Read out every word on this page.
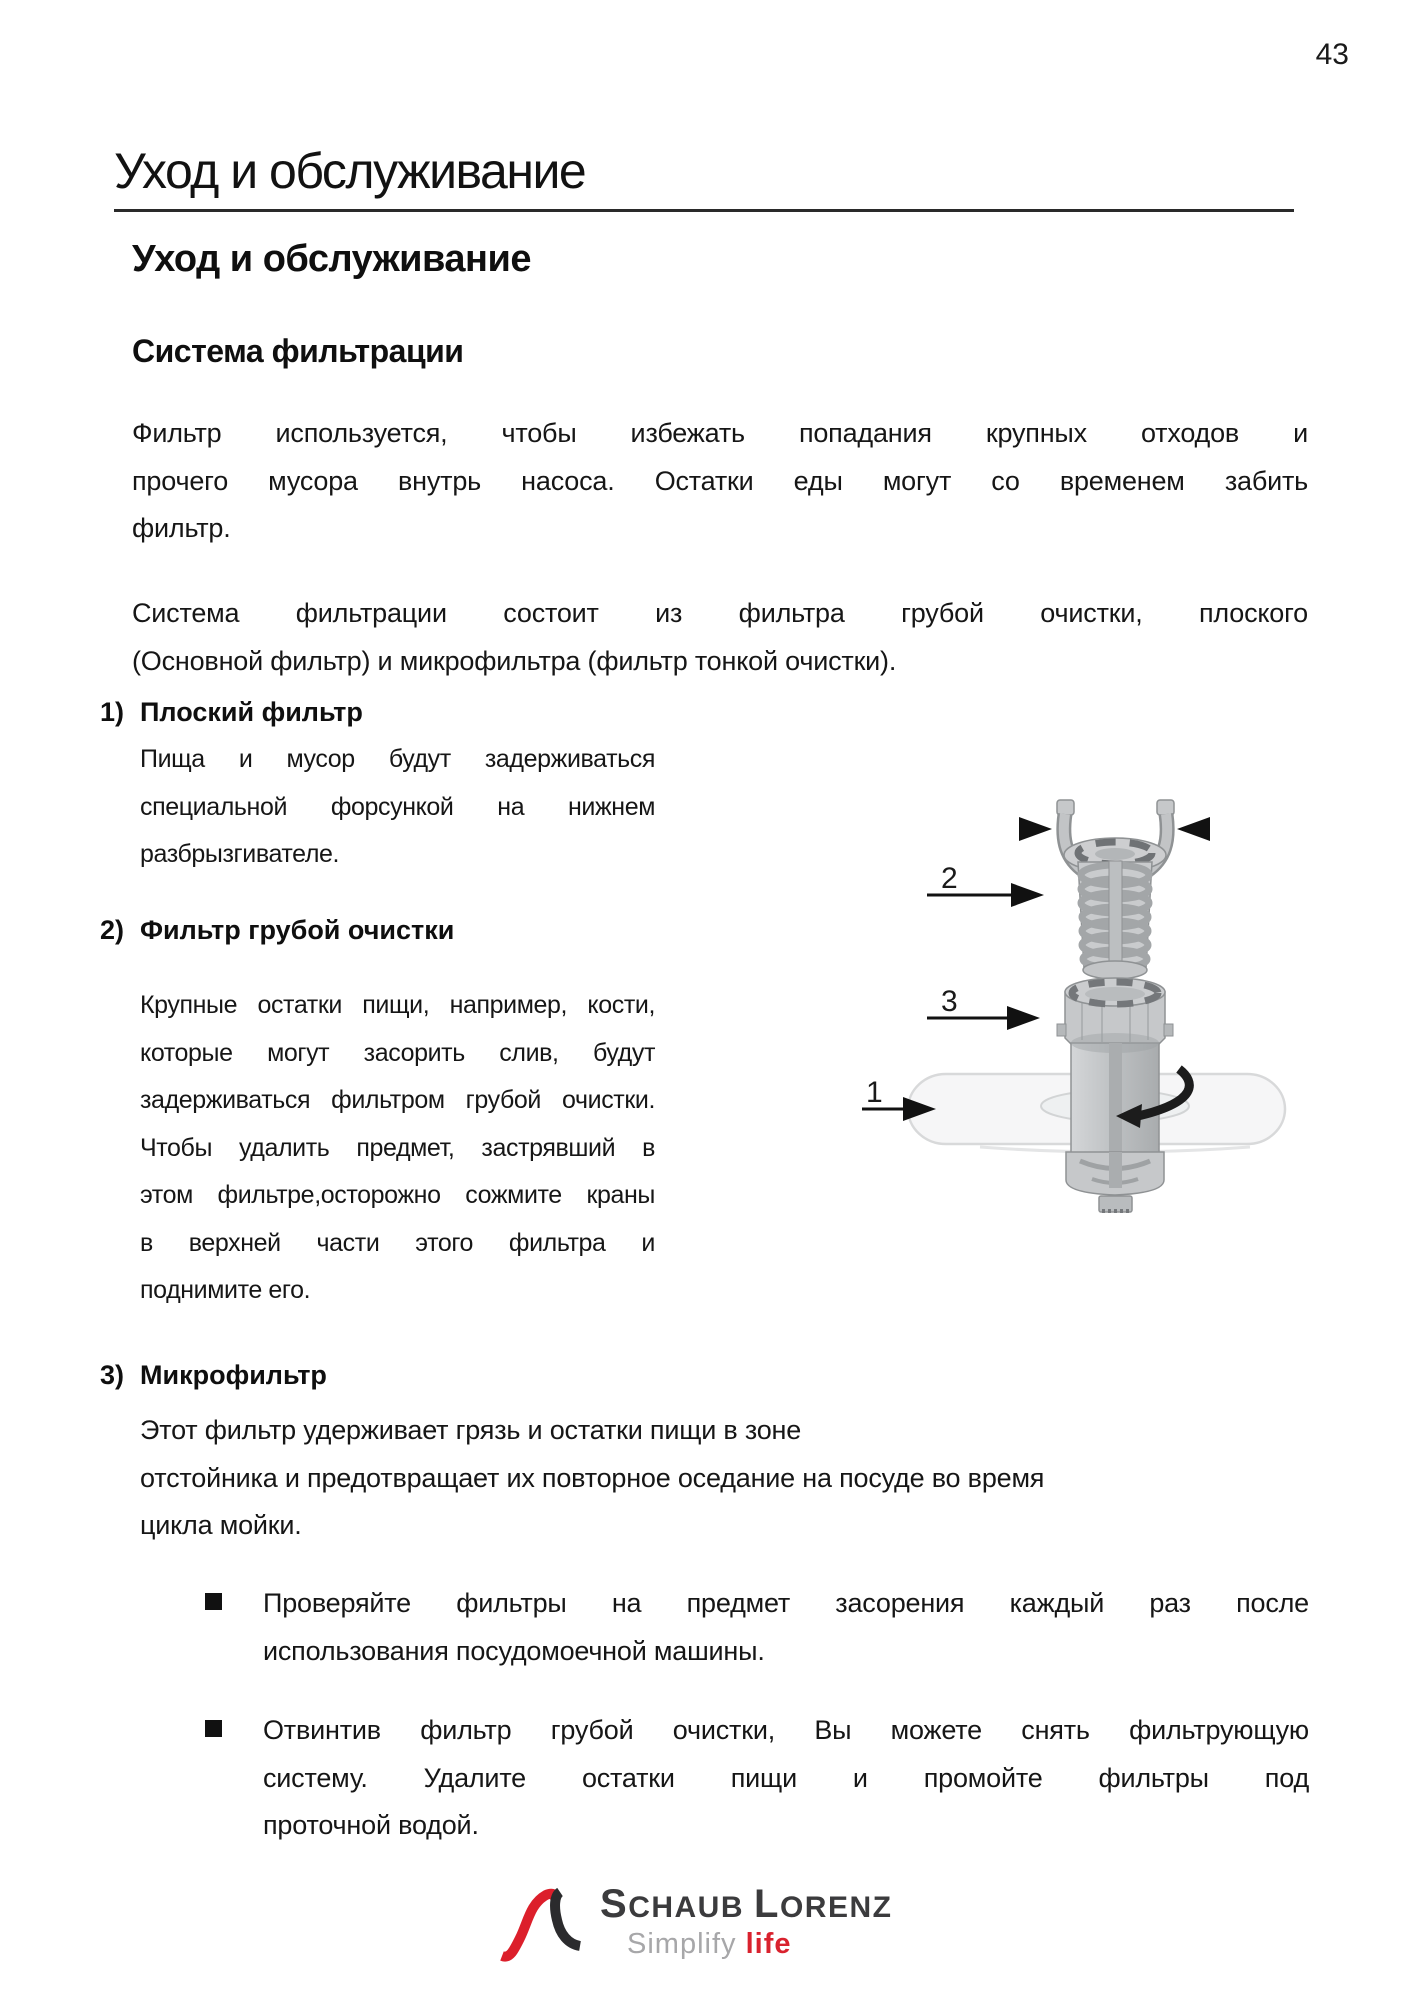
43
Уход и обслуживание
Уход и обслуживание
Система фильтрации
Фильтр используется, чтобы избежать попадания крупных отходов и
прочего мусора внутрь насоса. Остатки еды могут со временем забить
фильтр.
Система фильтрации состоит из фильтра грубой очистки, плоского
(Основной фильтр) и микрофильтра (фильтр тонкой очистки).
1) Плоский фильтр
Пища и мусор будут задерживаться
специальной форсункой на нижнем
разбрызгивателе.
2) Фильтр грубой очистки
Крупные остатки пищи, например, кости,
которые могут засорить слив, будут
задерживаться фильтром грубой очистки.
Чтобы удалить предмет, застрявший в
этом фильтре,осторожно сожмите краны
в верхней части этого фильтра и
поднимите его.
3) Микрофильтр
Этот фильтр удерживает грязь и остатки пищи в зоне
отстойника и предотвращает их повторное оседание на посуде во время
цикла мойки.
Проверяйте фильтры на предмет засорения каждый раз после
использования посудомоечной машины.
Отвинтив фильтр грубой очистки, Вы можете снять фильтрующую
систему. Удалите остатки пищи и промойте фильтры под
проточной водой.
2
3
1
SCHAUB LORENZ
Simplify life
